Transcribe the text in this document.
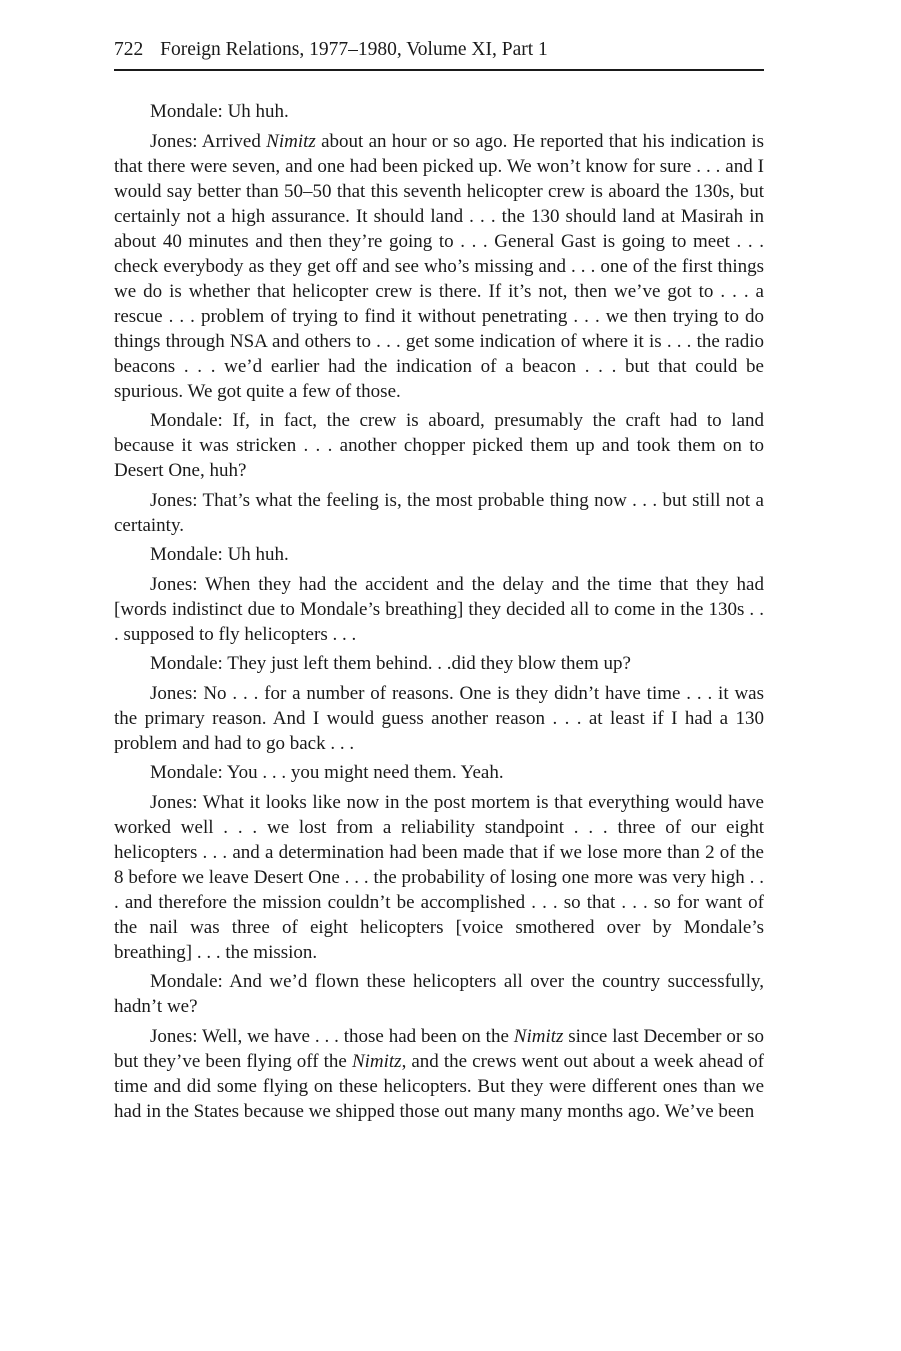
722 Foreign Relations, 1977–1980, Volume XI, Part 1

Mondale: Uh huh.

Jones: Arrived Nimitz about an hour or so ago. He reported that his indication is that there were seven, and one had been picked up. We won’t know for sure . . . and I would say better than 50–50 that this seventh helicopter crew is aboard the 130s, but certainly not a high assurance. It should land . . . the 130 should land at Masirah in about 40 minutes and then they’re going to . . . General Gast is going to meet . . . check everybody as they get off and see who’s missing and . . . one of the first things we do is whether that helicopter crew is there. If it’s not, then we’ve got to . . . a rescue . . . problem of trying to find it without penetrating . . . we then trying to do things through NSA and others to . . . get some indication of where it is . . . the radio beacons . . . we’d earlier had the indication of a beacon . . . but that could be spurious. We got quite a few of those.

Mondale: If, in fact, the crew is aboard, presumably the craft had to land because it was stricken . . . another chopper picked them up and took them on to Desert One, huh?

Jones: That’s what the feeling is, the most probable thing now . . . but still not a certainty.

Mondale: Uh huh.

Jones: When they had the accident and the delay and the time that they had [words indistinct due to Mondale’s breathing] they decided all to come in the 130s . . . supposed to fly helicopters . . .

Mondale: They just left them behind. . .did they blow them up?

Jones: No . . . for a number of reasons. One is they didn’t have time . . . it was the primary reason. And I would guess another reason . . . at least if I had a 130 problem and had to go back . . .

Mondale: You . . . you might need them. Yeah.

Jones: What it looks like now in the post mortem is that everything would have worked well . . . we lost from a reliability standpoint . . . three of our eight helicopters . . . and a determination had been made that if we lose more than 2 of the 8 before we leave Desert One . . . the probability of losing one more was very high . . . and therefore the mission couldn’t be accomplished . . . so that . . . so for want of the nail was three of eight helicopters [voice smothered over by Mondale’s breathing] . . . the mission.

Mondale: And we’d flown these helicopters all over the country successfully, hadn’t we?

Jones: Well, we have . . . those had been on the Nimitz since last December or so but they’ve been flying off the Nimitz, and the crews went out about a week ahead of time and did some flying on these helicopters. But they were different ones than we had in the States because we shipped those out many many months ago. We’ve been
